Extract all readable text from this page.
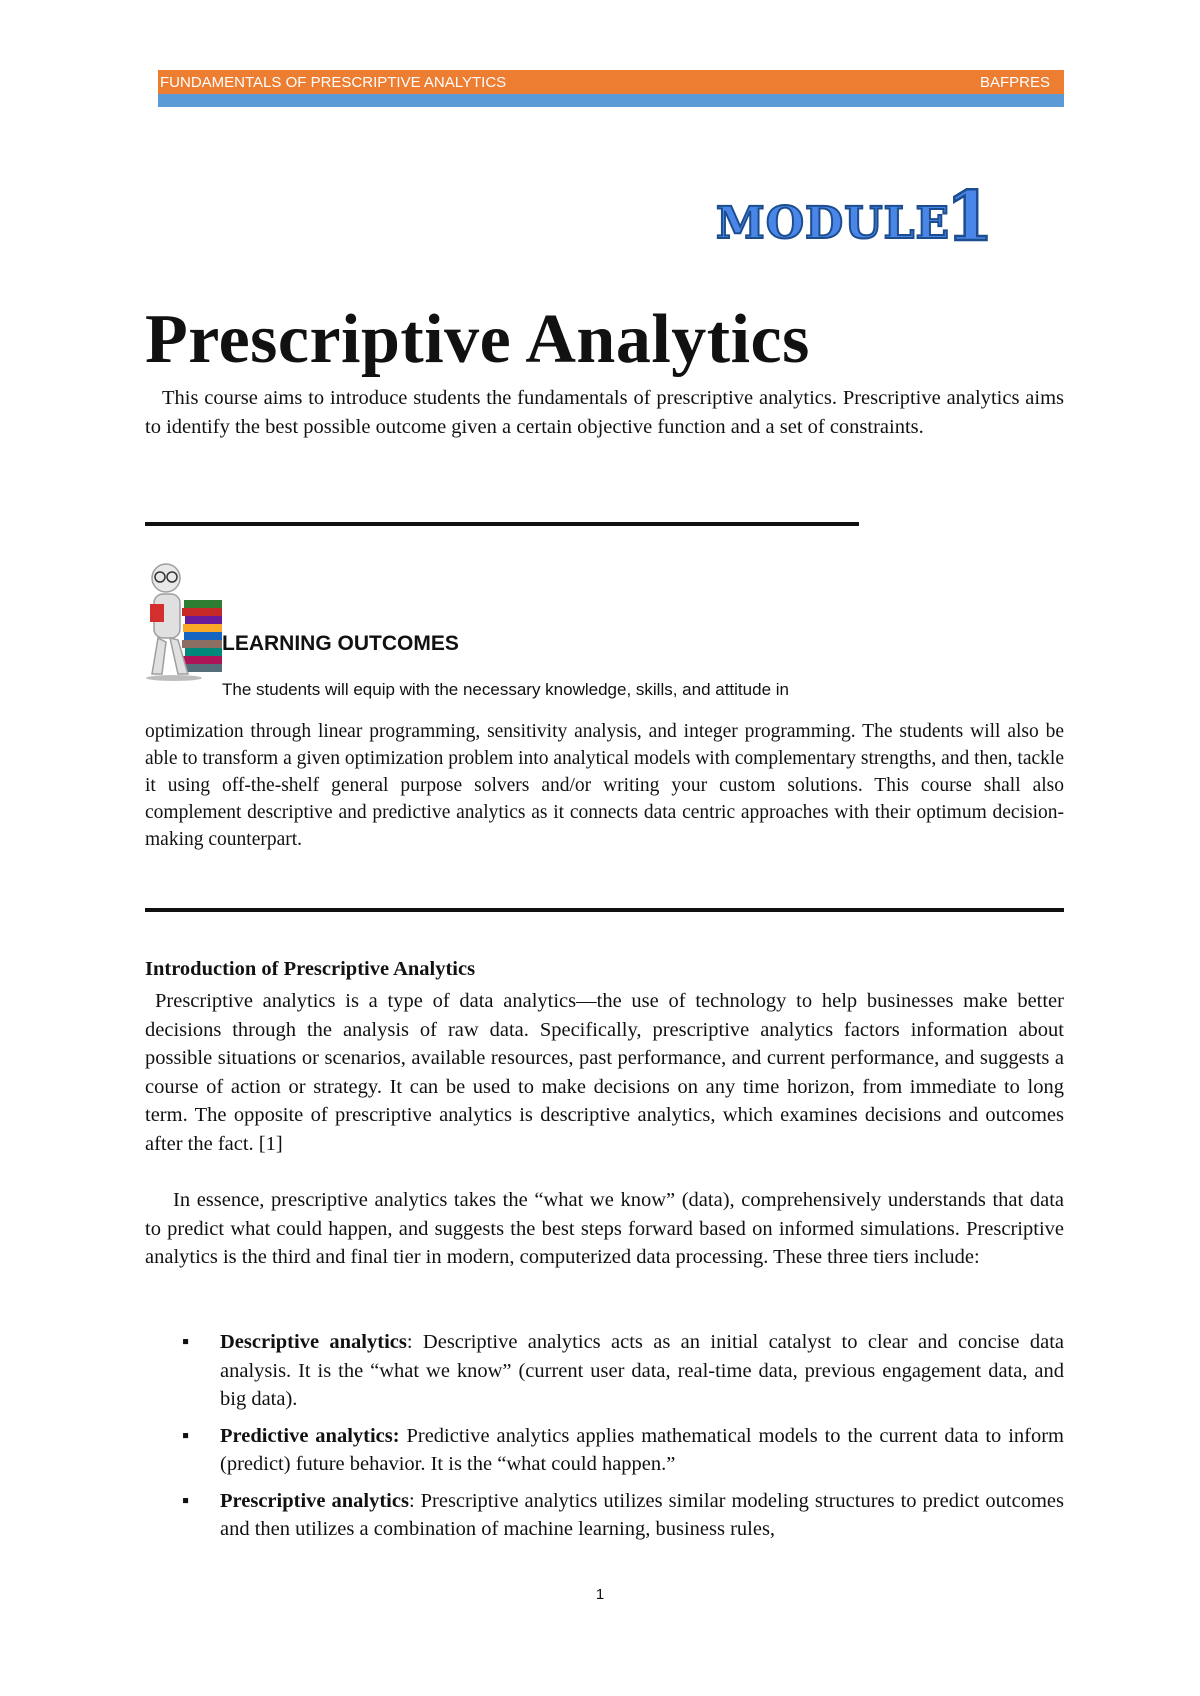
FUNDAMENTALS OF PRESCRIPTIVE ANALYTICS	BAFPRES
MODULE
1
Prescriptive Analytics

This course aims to introduce students the fundamentals of prescriptive analytics. Prescriptive analytics aims to identify the best possible outcome given a certain objective function and a set of constraints.

LEARNING OUTCOMES
The students will equip with the necessary knowledge, skills, and attitude in

optimization through linear programming, sensitivity analysis, and integer programming. The students will also be able to transform a given optimization problem into analytical models with complementary strengths, and then, tackle it using off-the-shelf general purpose solvers and/or writing your custom solutions. This course shall also complement descriptive and predictive analytics as it connects data centric approaches with their optimum decision-making counterpart.

Introduction of Prescriptive Analytics

Prescriptive analytics is a type of data analytics—the use of technology to help businesses make better decisions through the analysis of raw data. Specifically, prescriptive analytics factors information about possible situations or scenarios, available resources, past performance, and current performance, and suggests a course of action or strategy. It can be used to make decisions on any time horizon, from immediate to long term. The opposite of prescriptive analytics is descriptive analytics, which examines decisions and outcomes after the fact. [1]

In essence, prescriptive analytics takes the “what we know” (data), comprehensively understands that data to predict what could happen, and suggests the best steps forward based on informed simulations. Prescriptive analytics is the third and final tier in modern, computerized data processing. These three tiers include:

▪ Descriptive analytics: Descriptive analytics acts as an initial catalyst to clear and concise data analysis. It is the “what we know” (current user data, real-time data, previous engagement data, and big data).
▪ Predictive analytics: Predictive analytics applies mathematical models to the current data to inform (predict) future behavior. It is the “what could happen.”
▪ Prescriptive analytics: Prescriptive analytics utilizes similar modeling structures to predict outcomes and then utilizes a combination of machine learning, business rules,
1
